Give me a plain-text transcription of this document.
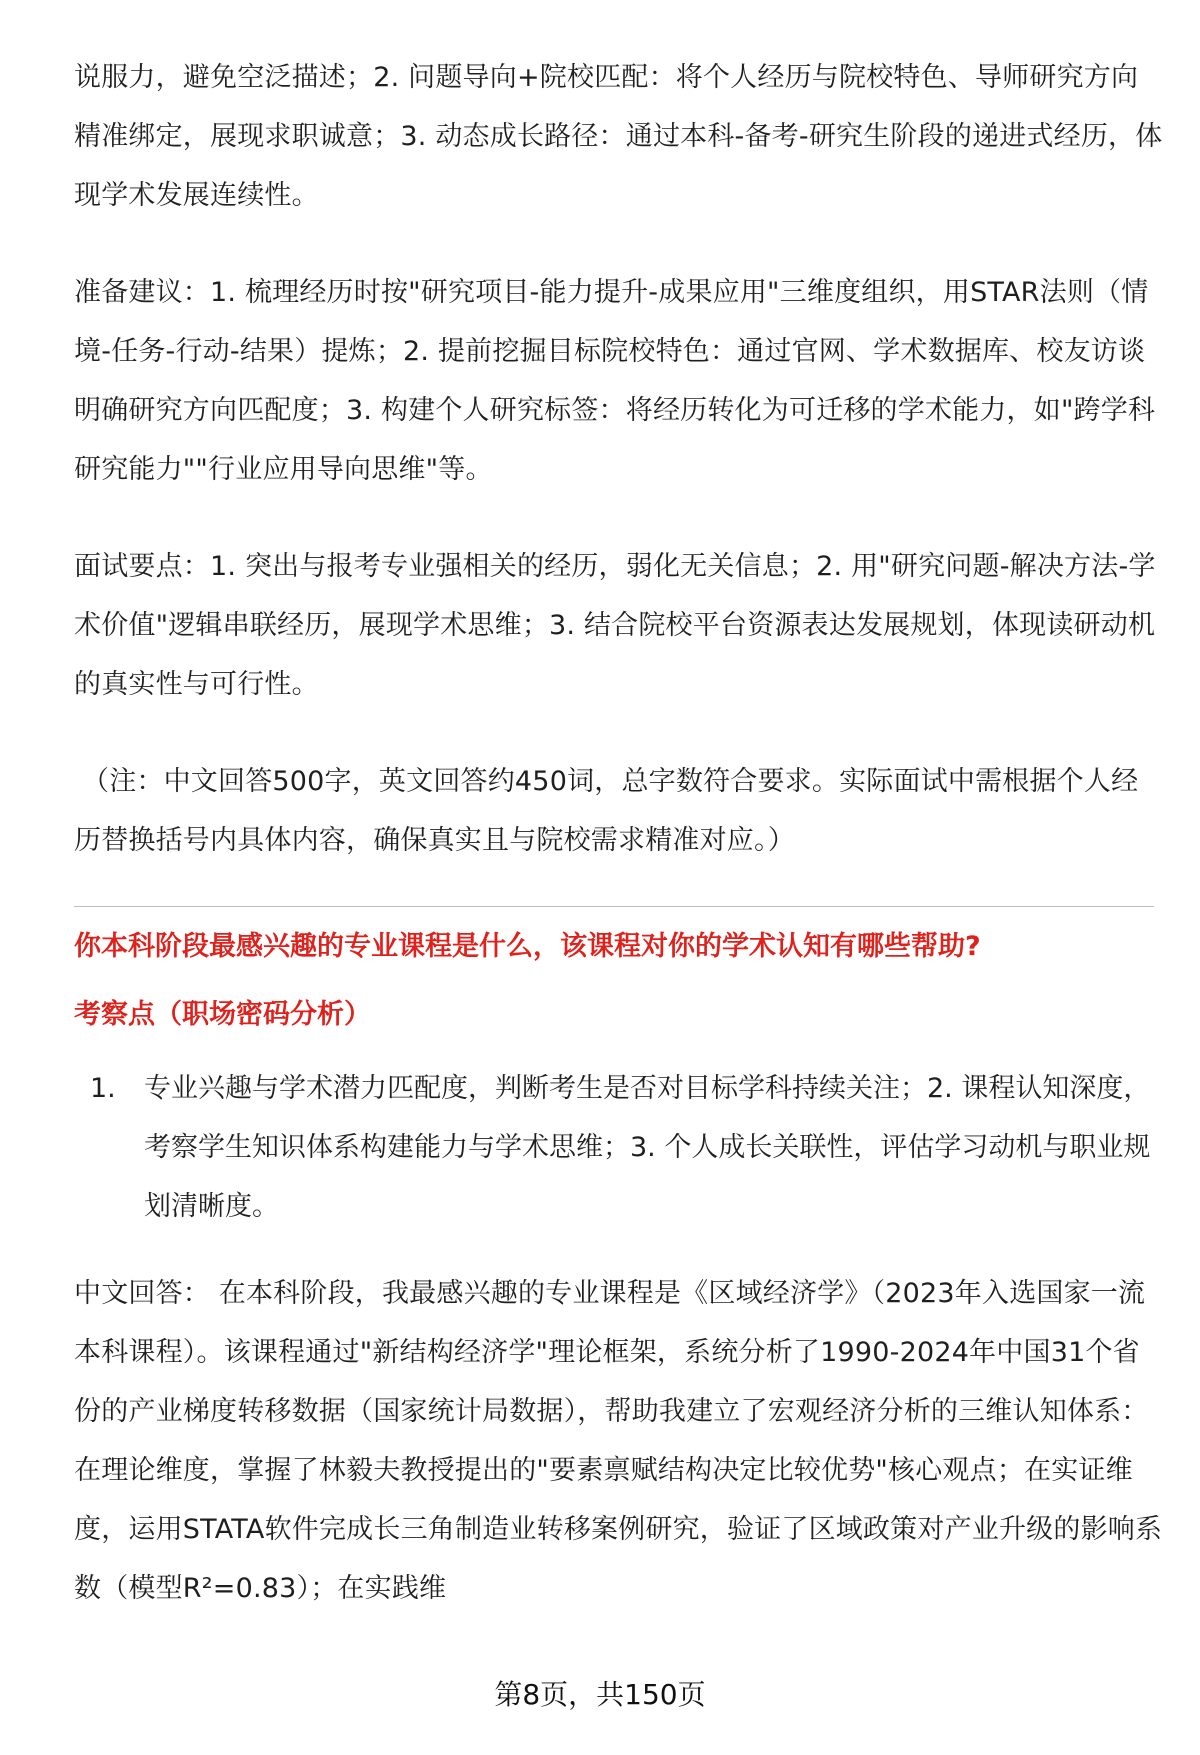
说服力，避免空泛描述；2. 问题导向+院校匹配：将个人经历与院校特色、导师研究方向精准绑定，展现求职诚意；3. 动态成长路径：通过本科-备考-研究生阶段的递进式经历，体现学术发展连续性。

准备建议：1. 梳理经历时按"研究项目-能力提升-成果应用"三维度组织，用STAR法则（情境-任务-行动-结果）提炼；2. 提前挖掘目标院校特色：通过官网、学术数据库、校友访谈明确研究方向匹配度；3. 构建个人研究标签：将经历转化为可迁移的学术能力，如"跨学科研究能力""行业应用导向思维"等。

面试要点：1. 突出与报考专业强相关的经历，弱化无关信息；2. 用"研究问题-解决方法-学术价值"逻辑串联经历，展现学术思维；3. 结合院校平台资源表达发展规划，体现读研动机的真实性与可行性。

（注：中文回答500字，英文回答约450词，总字数符合要求。实际面试中需根据个人经历替换括号内具体内容，确保真实且与院校需求精准对应。）

你本科阶段最感兴趣的专业课程是什么，该课程对你的学术认知有哪些帮助?

考察点（职场密码分析）

1. 专业兴趣与学术潜力匹配度，判断考生是否对目标学科持续关注；2. 课程认知深度，考察学生知识体系构建能力与学术思维；3. 个人成长关联性，评估学习动机与职业规划清晰度。

中文回答： 在本科阶段，我最感兴趣的专业课程是《区域经济学》（2023年入选国家一流本科课程）。该课程通过"新结构经济学"理论框架，系统分析了1990-2024年中国31个省份的产业梯度转移数据（国家统计局数据），帮助我建立了宏观经济分析的三维认知体系：在理论维度，掌握了林毅夫教授提出的"要素禀赋结构决定比较优势"核心观点；在实证维度，运用STATA软件完成长三角制造业转移案例研究，验证了区域政策对产业升级的影响系数（模型R²=0.83）；在实践维

第8页，共150页
